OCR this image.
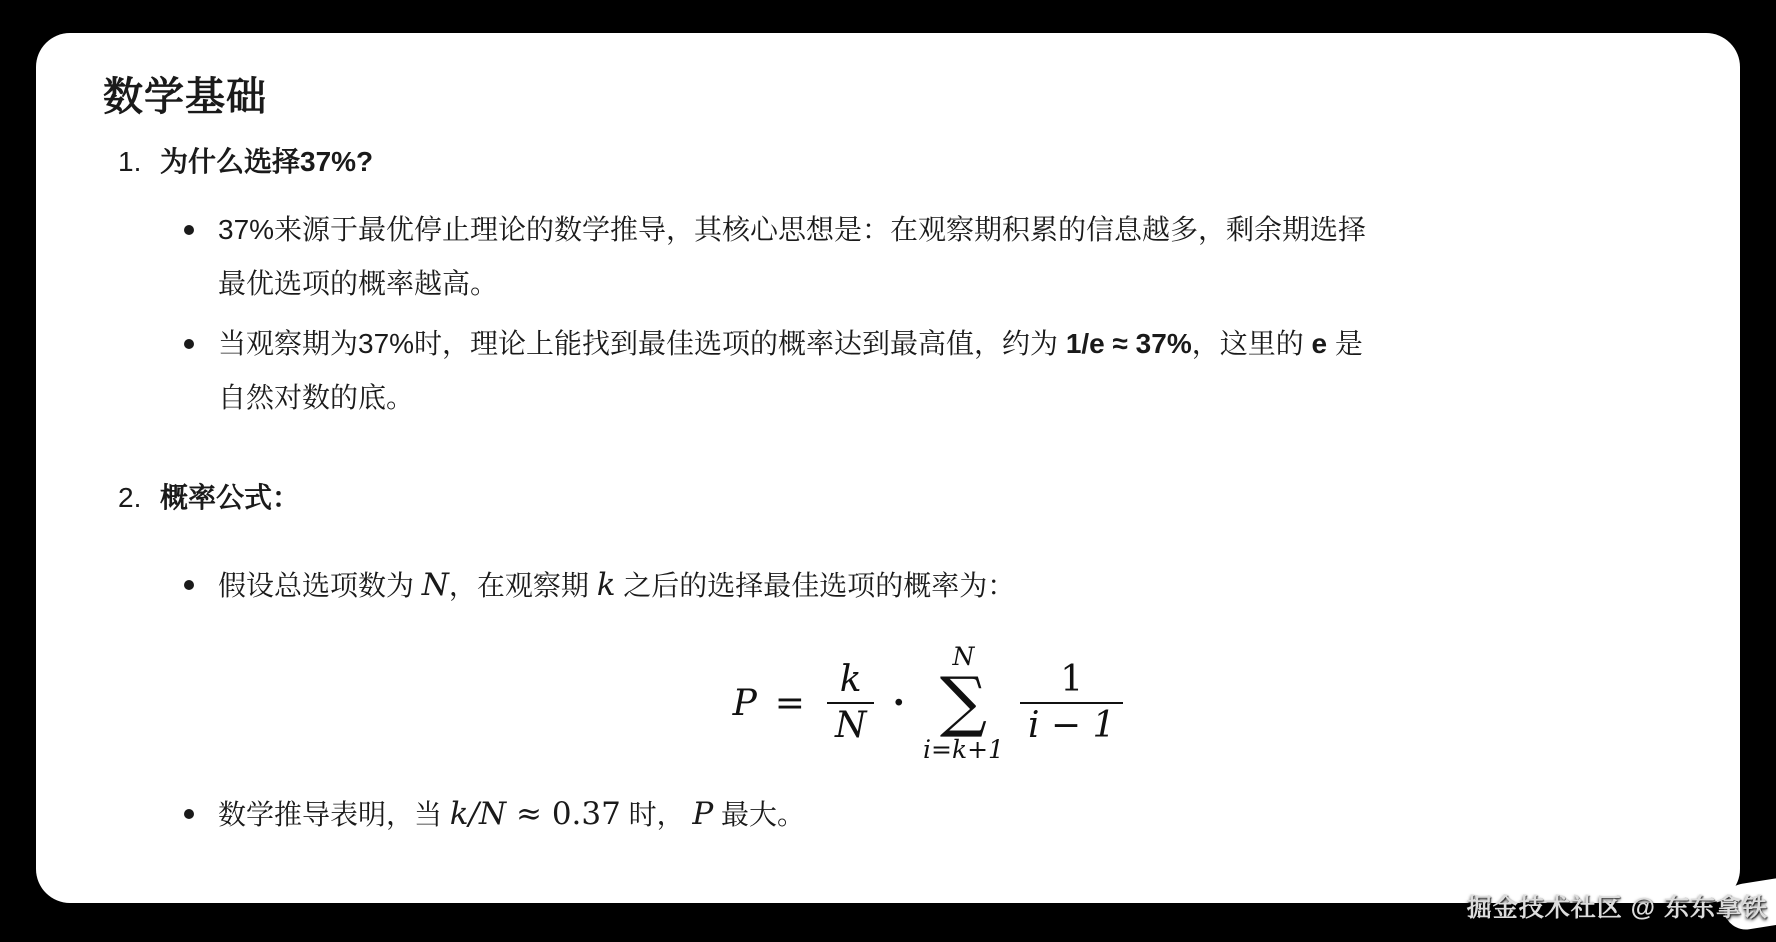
数学基础
1. 为什么选择37%?
37%来源于最优停止理论的数学推导，其核心思想是：在观察期积累的信息越多，剩余期选择最优选项的概率越高。
当观察期为37%时，理论上能找到最佳选项的概率达到最高值，约为 1/e ≈ 37%，这里的 e 是自然对数的底。
2. 概率公式：
假设总选项数为 N，在观察期 k 之后的选择最佳选项的概率为：
$P = \frac{k}{N}$ ·
N
∑
i=k+1
$\frac{1}{i - 1}$
数学推导表明，当 k/N ≈ 0.37 时， P 最大。
掘金技术社区 @ 东东拿铁
